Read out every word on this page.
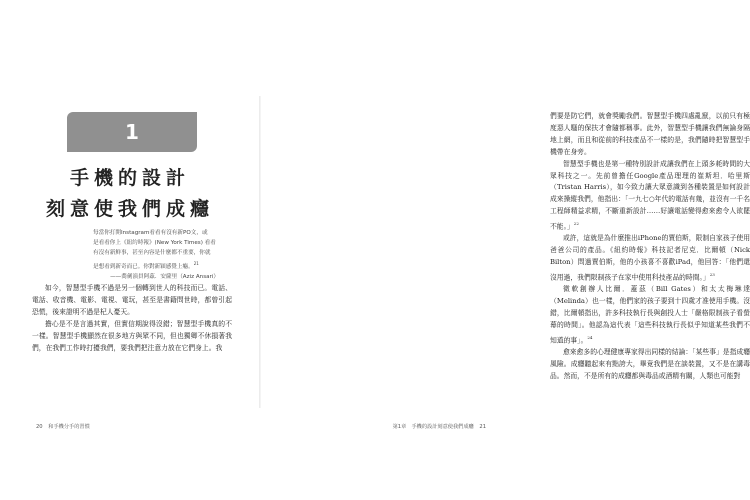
1
手機的設計
刻意使我們成癮
每當你打開Instagram看看有沒有新PO文，或
是看看你上《紐約時報》(New York Times) 看看
有沒有新鮮事，甚至內容是什麼都不重要，你就
是想看到新奇而已。你對新穎感覺上癮。$^{21}$
——喬劍演員阿茲．安薩里（Aziz Ansari）

如今，智慧型手機不過是另一個轉到世人的科技而已。電話、電話、收音機、電影、電視、電玩，甚至是書籍問世時，都曾引起恐慌，後來證明不過是杞人憂天。

擔心是不是言過其實，但實信期說得沒錯；智慧型手機真的不一樣。智慧型手機顯然在很多地方與眾不同，但也獨卿不休損著我們，在我們工作時打擾我們，要我們把注意力放在它們身上。我

20 和手機分手的習慣

們要是防它們，就會獎勵我們。智慧型手機四處亂竄，以前只有極度惡人騷的保扶才會隨都稱事。此外，智慧型手機讓我們無論身隔地上網，而且和從前的科技產品不一樣的是，我們隨時把智慧型手機帶在身旁。

智慧型手機也是第一種特別設計成讓我們在上頭多耗時間的大眾科技之一。先前曾擔任Google產品理理的崔斯坦．哈里斯（Tristan Harris），如今致力讓大眾意識到各種裝置是如何設計成來操縱我們，他指出：「一九七○年代的電話有幾，並沒有一千名工程師精益求精，不斷重新設計……好讓電話變得愈來愈令人欲罷不能。」$^{22}$

或許，這就是為什麼推出iPhone的賈伯斯，限制自家孩子使用爸爸公司的產品。《紐約時報》科技記者尼克．比爾頓（Nick Bilton）問過賈伯斯，他的小孩喜不喜歡iPad，他回答：「他們還沒用過，我們限制孩子在家中使用科技產品的時間。」$^{23}$

微軟創辦人比爾．蓋茲（Bill Gates）和太太梅琳達（Melinda）也一樣，他們家的孩子要到十四歲才准使用手機。沒錯，比爾頓指出，許多科技執行長與創投人士「嚴格限制孩子看螢幕的時間」。他認為這代表「這些科技執行長似乎知道某些我們不知道的事」。$^{24}$

愈來愈多的心理健康專家得出同樣的結論：「某些事」是指成癮風險。成癮聽起來有點誇大，畢竟我們是在談裝置，又不是在講毒品。然而，不是所有的成癮都與毒品或酒精有關，人類也可能對

第1章　手機的設計刻意使我們成癮 21
